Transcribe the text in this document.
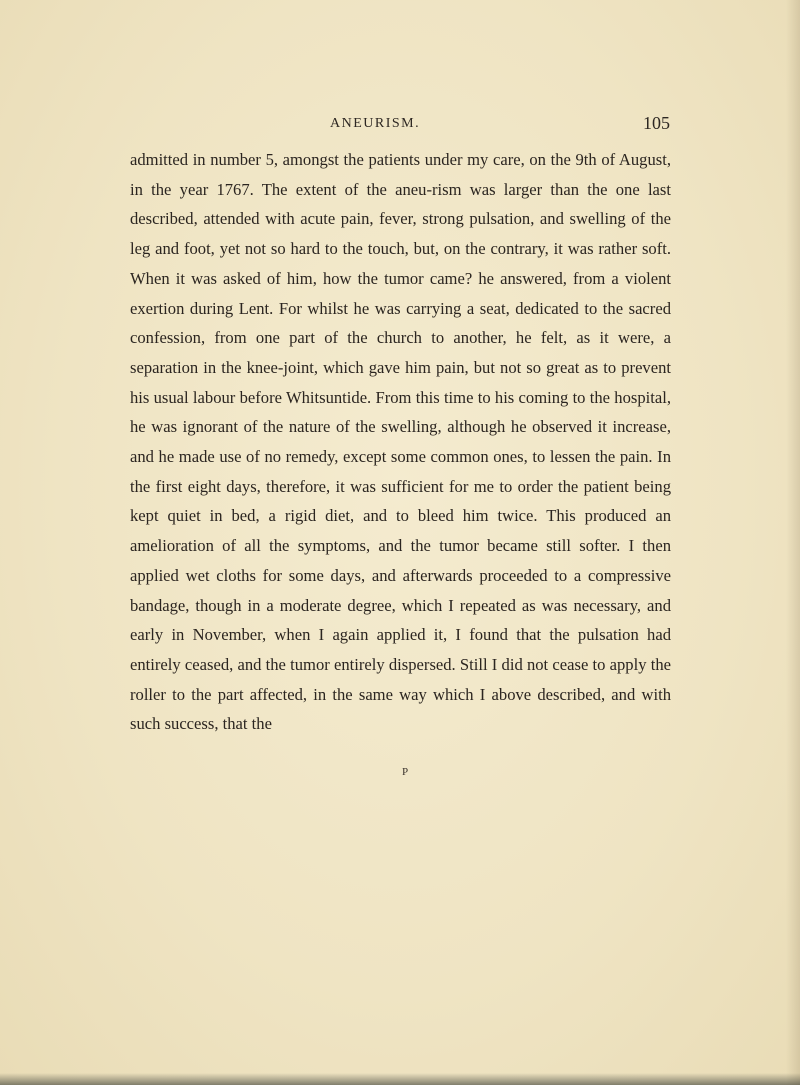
ANEURISM.	105

admitted in number 5, amongst the patients under my care, on the 9th of August, in the year 1767. The extent of the aneu-rism was larger than the one last described, attended with acute pain, fever, strong pulsation, and swelling of the leg and foot, yet not so hard to the touch, but, on the contrary, it was rather soft. When it was asked of him, how the tumor came? he answered, from a violent exertion during Lent. For whilst he was carrying a seat, dedicated to the sacred confession, from one part of the church to another, he felt, as it were, a separation in the knee-joint, which gave him pain, but not so great as to prevent his usual labour before Whitsuntide. From this time to his coming to the hospital, he was ignorant of the nature of the swelling, although he observed it increase, and he made use of no remedy, except some common ones, to lessen the pain. In the first eight days, therefore, it was sufficient for me to order the patient being kept quiet in bed, a rigid diet, and to bleed him twice. This produced an amelioration of all the symptoms, and the tumor became still softer. I then applied wet cloths for some days, and afterwards proceeded to a compressive bandage, though in a moderate degree, which I repeated as was necessary, and early in November, when I again applied it, I found that the pulsation had entirely ceased, and the tumor entirely dispersed. Still I did not cease to apply the roller to the part affected, in the same way which I above described, and with such success, that the

P
